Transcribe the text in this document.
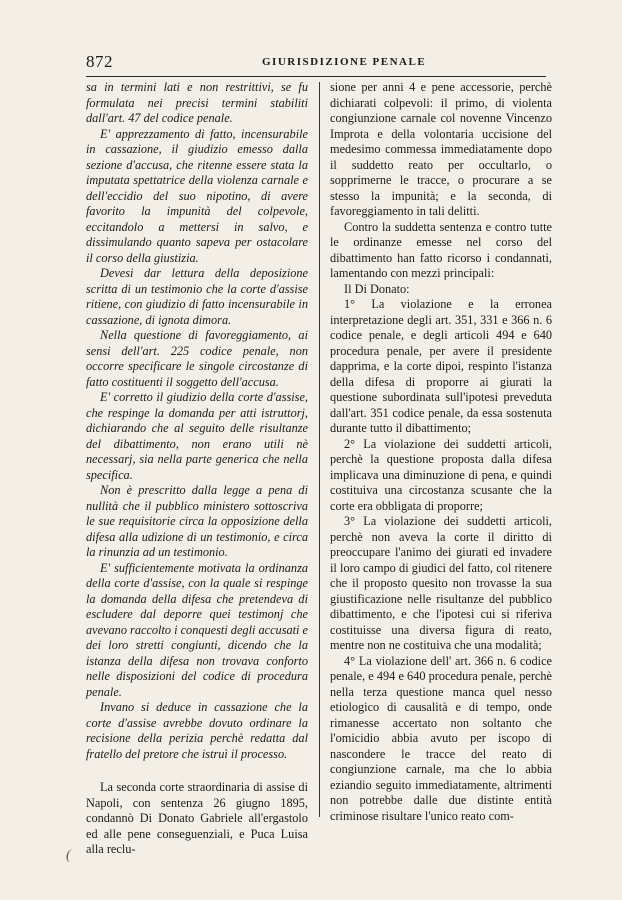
872	GIURISDIZIONE PENALE

sa in termini lati e non restrittivi, se fu formulata nei precisi termini stabiliti dall'art. 47 del codice penale.

E' apprezzamento di fatto, incensurabile in cassazione, il giudizio emesso dalla sezione d'accusa, che ritenne essere stata la imputata spettatrice della violenza carnale e dell'eccidio del suo nipotino, di avere favorito la impunità del colpevole, eccitandolo a mettersi in salvo, e dissimulando quanto sapeva per ostacolare il corso della giustizia.

Devesi dar lettura della deposizione scritta di un testimonio che la corte d'assise ritiene, con giudizio di fatto incensurabile in cassazione, di ignota dimora.

Nella questione di favoreggiamento, ai sensi dell'art. 225 codice penale, non occorre specificare le singole circostanze di fatto costituenti il soggetto dell'accusa.

E' corretto il giudizio della corte d'assise, che respinge la domanda per atti istruttorj, dichiarando che al seguito delle risultanze del dibattimento, non erano utili nè necessarj, sia nella parte generica che nella specifica.

Non è prescritto dalla legge a pena di nullità che il pubblico ministero sottoscriva le sue requisitorie circa la opposizione della difesa alla udizione di un testimonio, e circa la rinunzia ad un testimonio.

E' sufficientemente motivata la ordinanza della corte d'assise, con la quale si respinge la domanda della difesa che pretendeva di escludere dal deporre quei testimonj che avevano raccolto i conquesti degli accusati e dei loro stretti congiunti, dicendo che la istanza della difesa non trovava conforto nelle disposizioni del codice di procedura penale.

Invano si deduce in cassazione che la corte d'assise avrebbe dovuto ordinare la recisione della perizia perchè redatta dal fratello del pretore che istruì il processo.

La seconda corte straordinaria di assise di Napoli, con sentenza 26 giugno 1895, condannò Di Donato Gabriele all'ergastolo ed alle pene conseguenziali, e Puca Luisa alla reclu-

sione per anni 4 e pene accessorie, perchè dichiarati colpevoli: il primo, di violenta congiunzione carnale col novenne Vincenzo Improta e della volontaria uccisione del medesimo commessa immediatamente dopo il suddetto reato per occultarlo, o sopprimerne le tracce, o procurare a se stesso la impunità; e la seconda, di favoreggiamento in tali delitti.

Contro la suddetta sentenza e contro tutte le ordinanze emesse nel corso del dibattimento han fatto ricorso i condannati, lamentando con mezzi principali:

Il Di Donato:

1° La violazione e la erronea interpretazione degli art. 351, 331 e 366 n. 6 codice penale, e degli articoli 494 e 640 procedura penale, per avere il presidente dapprima, e la corte dipoi, respinto l'istanza della difesa di proporre ai giurati la questione subordinata sull'ipotesi preveduta dall'art. 351 codice penale, da essa sostenuta durante tutto il dibattimento;

2° La violazione dei suddetti articoli, perchè la questione proposta dalla difesa implicava una diminuzione di pena, e quindi costituiva una circostanza scusante che la corte era obbligata di proporre;

3° La violazione dei suddetti articoli, perchè non aveva la corte il diritto di preoccupare l'animo dei giurati ed invadere il loro campo di giudici del fatto, col ritenere che il proposto quesito non trovasse la sua giustificazione nelle risultanze del pubblico dibattimento, e che l'ipotesi cui si riferiva costituisse una diversa figura di reato, mentre non ne costituiva che una modalità;

4° La violazione dell' art. 366 n. 6 codice penale, e 494 e 640 procedura penale, perchè nella terza questione manca quel nesso etiologico di causalità e di tempo, onde rimanesse accertato non soltanto che l'omicidio abbia avuto per iscopo di nascondere le tracce del reato di congiunzione carnale, ma che lo abbia eziandio seguito immediatamente, altrimenti non potrebbe dalle due distinte entità criminose risultare l'unico reato com-

(
